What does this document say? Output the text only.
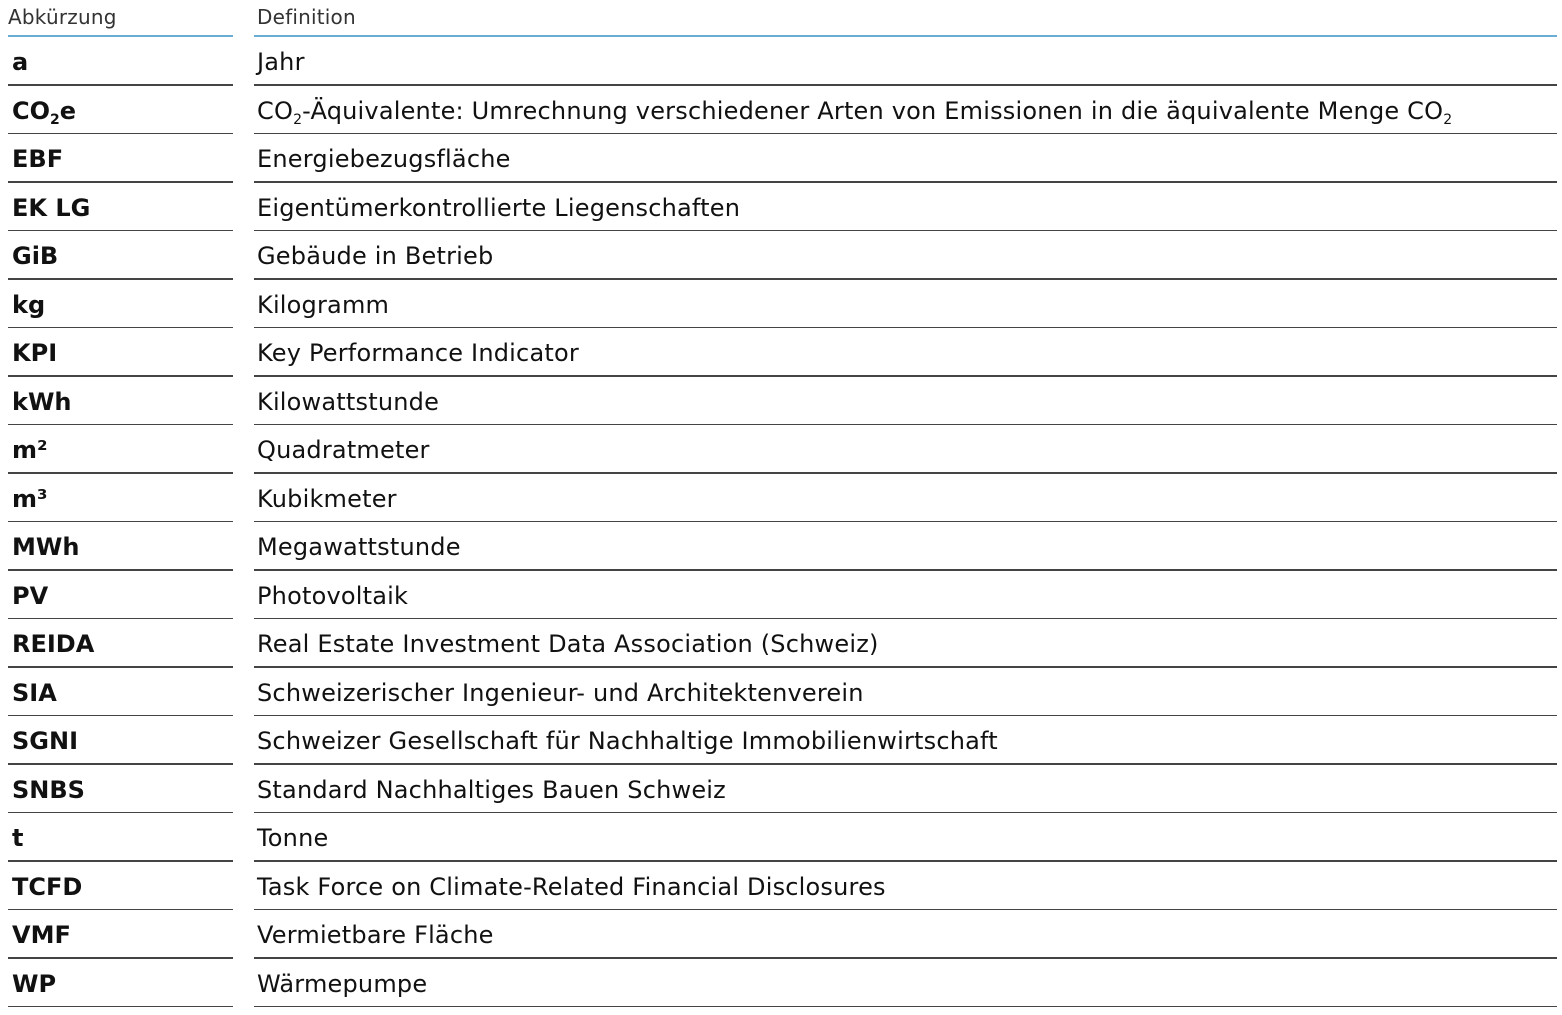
Abkürzung	Definition
a	Jahr
$CO_2e$	$CO_2$-Äquivalente: Umrechnung verschiedener Arten von Emissionen in die äquivalente Menge $CO_2$
EBF	Energiebezugsfläche
EK LG	Eigentümerkontrollierte Liegenschaften
GiB	Gebäude in Betrieb
kg	Kilogramm
KPI	Key Performance Indicator
kWh	Kilowattstunde
m²	Quadratmeter
m³	Kubikmeter
MWh	Megawattstunde
PV	Photovoltaik
REIDA	Real Estate Investment Data Association (Schweiz)
SIA	Schweizerischer Ingenieur- und Architektenverein
SGNI	Schweizer Gesellschaft für Nachhaltige Immobilienwirtschaft
SNBS	Standard Nachhaltiges Bauen Schweiz
t	Tonne
TCFD	Task Force on Climate-Related Financial Disclosures
VMF	Vermietbare Fläche
WP	Wärmepumpe
